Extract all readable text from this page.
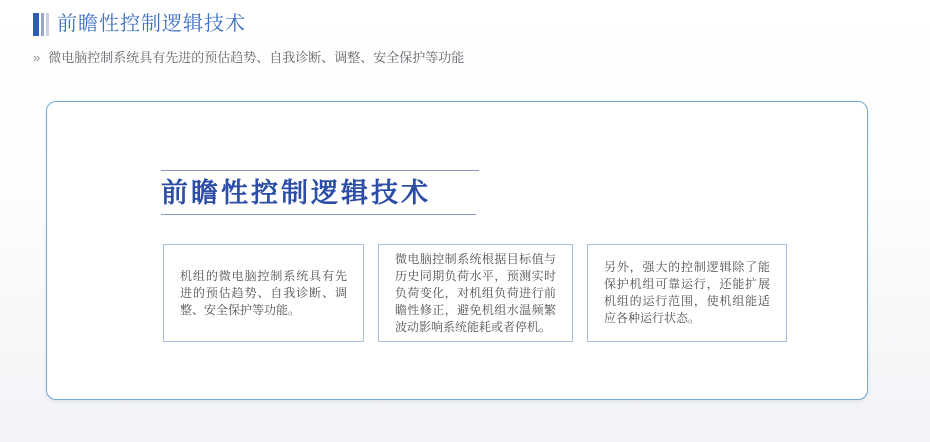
前瞻性控制逻辑技术
» 微电脑控制系统具有先进的预估趋势、自我诊断、调整、安全保护等功能
前瞻性控制逻辑技术

机组的微电脑控制系统具有先进的预估趋势、自我诊断、调整、安全保护等功能。

微电脑控制系统根据目标值与历史同期负荷水平，预测实时负荷变化，对机组负荷进行前瞻性修正，避免机组水温频繁波动影响系统能耗或者停机。

另外，强大的控制逻辑除了能保护机组可靠运行，还能扩展机组的运行范围，使机组能适应各种运行状态。
